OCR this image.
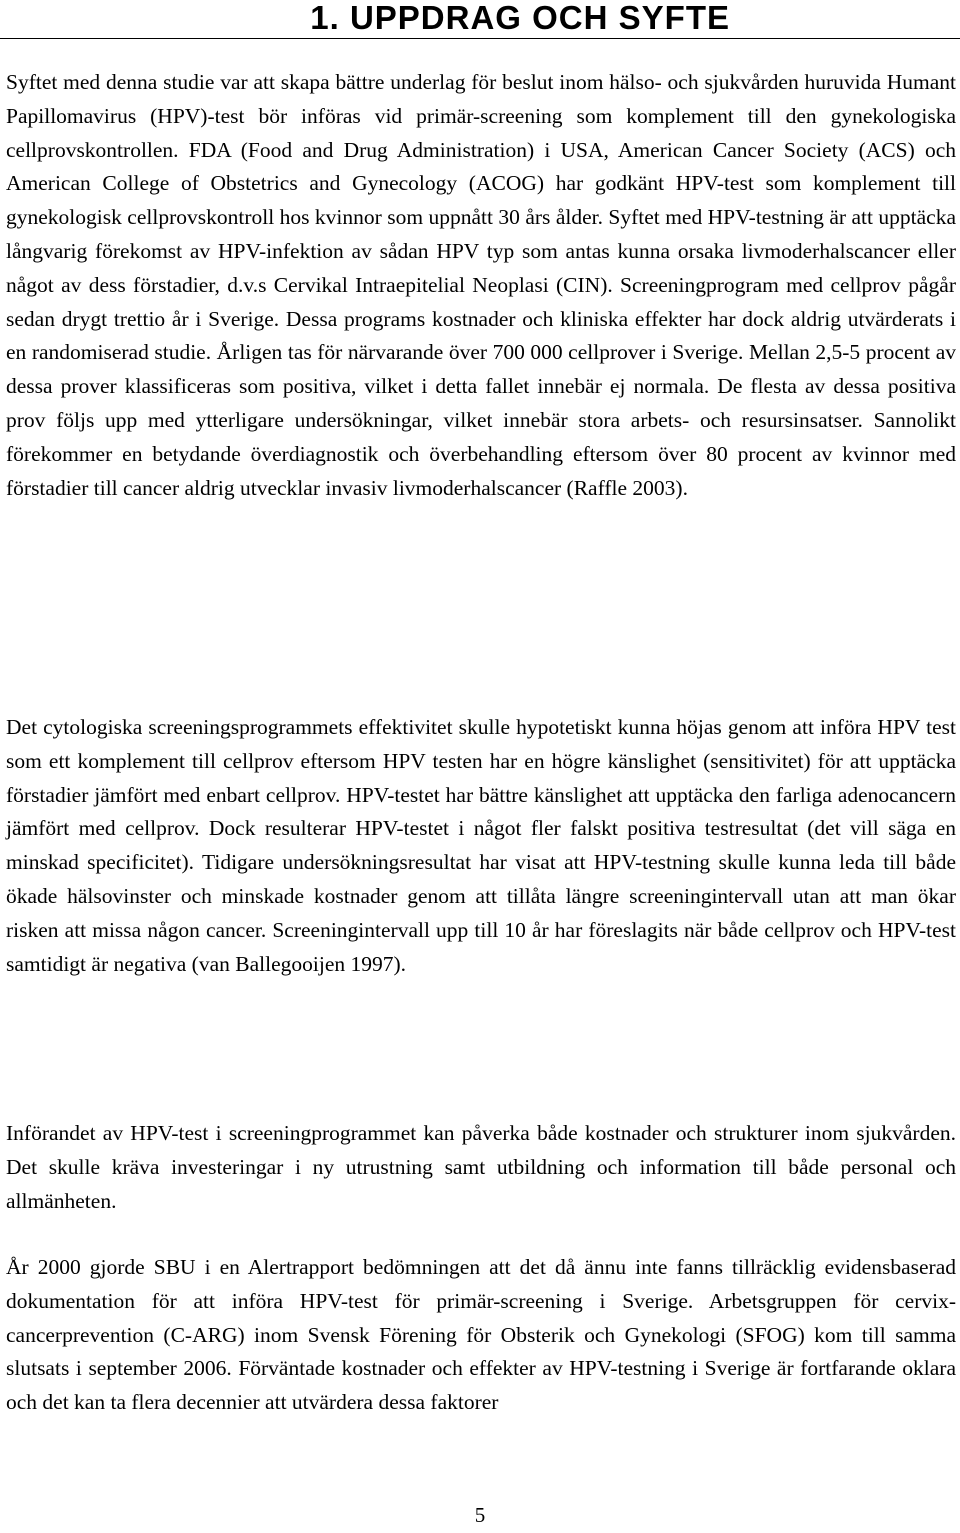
1. UPPDRAG OCH SYFTE

Syftet med denna studie var att skapa bättre underlag för beslut inom hälso- och sjukvården huruvida Humant Papillomavirus (HPV)-test bör införas vid primär-screening som komplement till den gynekologiska cellprovskontrollen. FDA (Food and Drug Administration) i USA, American Cancer Society (ACS) och American College of Obstetrics and Gynecology (ACOG) har godkänt HPV-test som komplement till gynekologisk cellprovskontroll hos kvinnor som uppnått 30 års ålder. Syftet med HPV-testning är att upptäcka långvarig förekomst av HPV-infektion av sådan HPV typ som antas kunna orsaka livmoderhalscancer eller något av dess förstadier, d.v.s Cervikal Intraepitelial Neoplasi (CIN). Screeningprogram med cellprov pågår sedan drygt trettio år i Sverige. Dessa programs kostnader och kliniska effekter har dock aldrig utvärderats i en randomiserad studie. Årligen tas för närvarande över 700 000 cellprover i Sverige. Mellan 2,5-5 procent av dessa prover klassificeras som positiva, vilket i detta fallet innebär ej normala. De flesta av dessa positiva prov följs upp med ytterligare undersökningar, vilket innebär stora arbets- och resursinsatser. Sannolikt förekommer en betydande överdiagnostik och överbehandling eftersom över 80 procent av kvinnor med förstadier till cancer aldrig utvecklar invasiv livmoderhalscancer (Raffle 2003).

Det cytologiska screeningsprogrammets effektivitet skulle hypotetiskt kunna höjas genom att införa HPV test som ett komplement till cellprov eftersom HPV testen har en högre känslighet (sensitivitet) för att upptäcka förstadier jämfört med enbart cellprov. HPV-testet har bättre känslighet att upptäcka den farliga adenocancern jämfört med cellprov. Dock resulterar HPV-testet i något fler falskt positiva testresultat (det vill säga en minskad specificitet). Tidigare undersökningsresultat har visat att HPV-testning skulle kunna leda till både ökade hälsovinster och minskade kostnader genom att tillåta längre screeningintervall utan att man ökar risken att missa någon cancer. Screeningintervall upp till 10 år har föreslagits när både cellprov och HPV-test samtidigt är negativa (van Ballegooijen 1997).

Införandet av HPV-test i screeningprogrammet kan påverka både kostnader och strukturer inom sjukvården. Det skulle kräva investeringar i ny utrustning samt utbildning och information till både personal och allmänheten.

År 2000 gjorde SBU i en Alertrapport bedömningen att det då ännu inte fanns tillräcklig evidensbaserad dokumentation för att införa HPV-test för primär-screening i Sverige. Arbetsgruppen för cervix-cancerprevention (C-ARG) inom Svensk Förening för Obsterik och Gynekologi (SFOG) kom till samma slutsats i september 2006. Förväntade kostnader och effekter av HPV-testning i Sverige är fortfarande oklara och det kan ta flera decennier att utvärdera dessa faktorer

5
